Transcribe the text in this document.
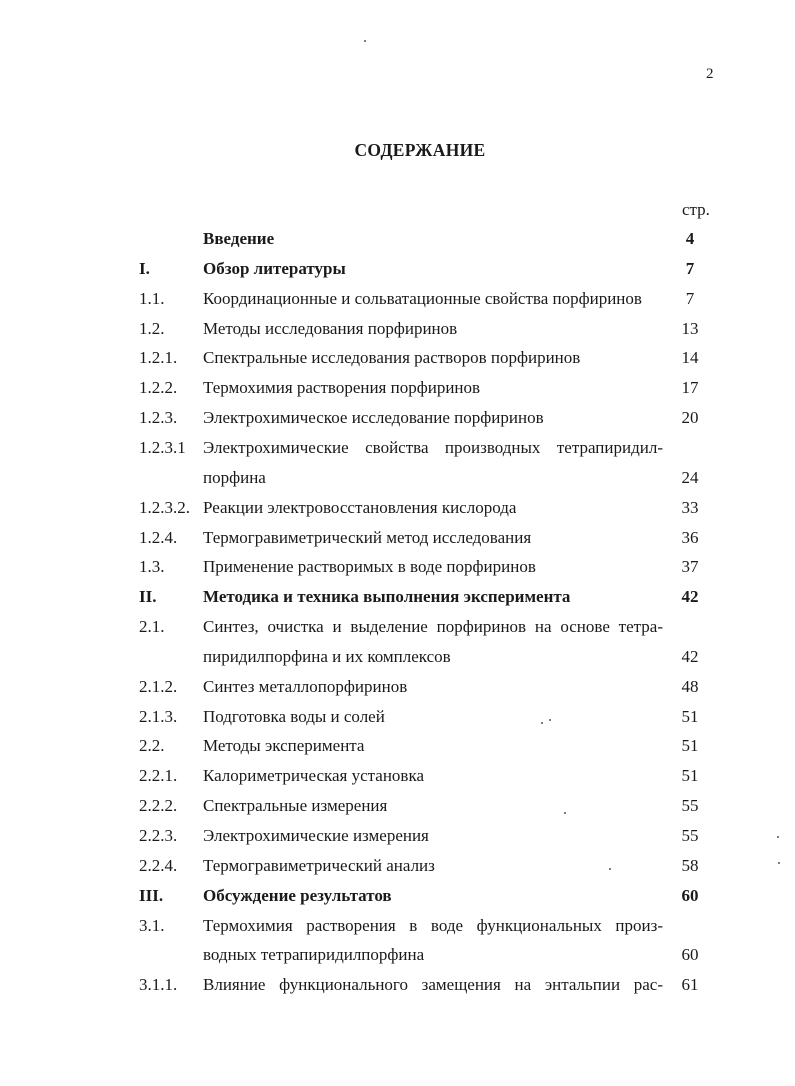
2
СОДЕРЖАНИЕ
стр.
Введение	4
I.	Обзор литературы	7
1.1. Координационные и сольватационные свойства порфиринов	7
1.2. Методы исследования порфиринов	13
1.2.1. Спектральные исследования растворов порфиринов	14
1.2.2. Термохимия растворения порфиринов	17
1.2.3. Электрохимическое исследование порфиринов	20
1.2.3.1 Электрохимические свойства производных тетрапиридил-
порфина	24
1.2.3.2. Реакции электровосстановления кислорода	33
1.2.4. Термогравиметрический метод исследования	36
1.3. Применение растворимых в воде порфиринов	37
II.	Методика и техника выполнения эксперимента	42
2.1. Синтез, очистка и выделение порфиринов на основе тетра-
пиридилпорфина и их комплексов	42
2.1.2. Синтез металлопорфиринов	48
2.1.3. Подготовка воды и солей	51
2.2. Методы эксперимента	51
2.2.1. Калориметрическая установка	51
2.2.2. Спектральные измерения	55
2.2.3. Электрохимические измерения	55
2.2.4. Термогравиметрический анализ	58
III. Обсуждение результатов	60
3.1. Термохимия растворения в воде функциональных произ-
водных тетрапиридилпорфина	60
3.1.1. Влияние функционального замещения на энтальпии рас-	61
